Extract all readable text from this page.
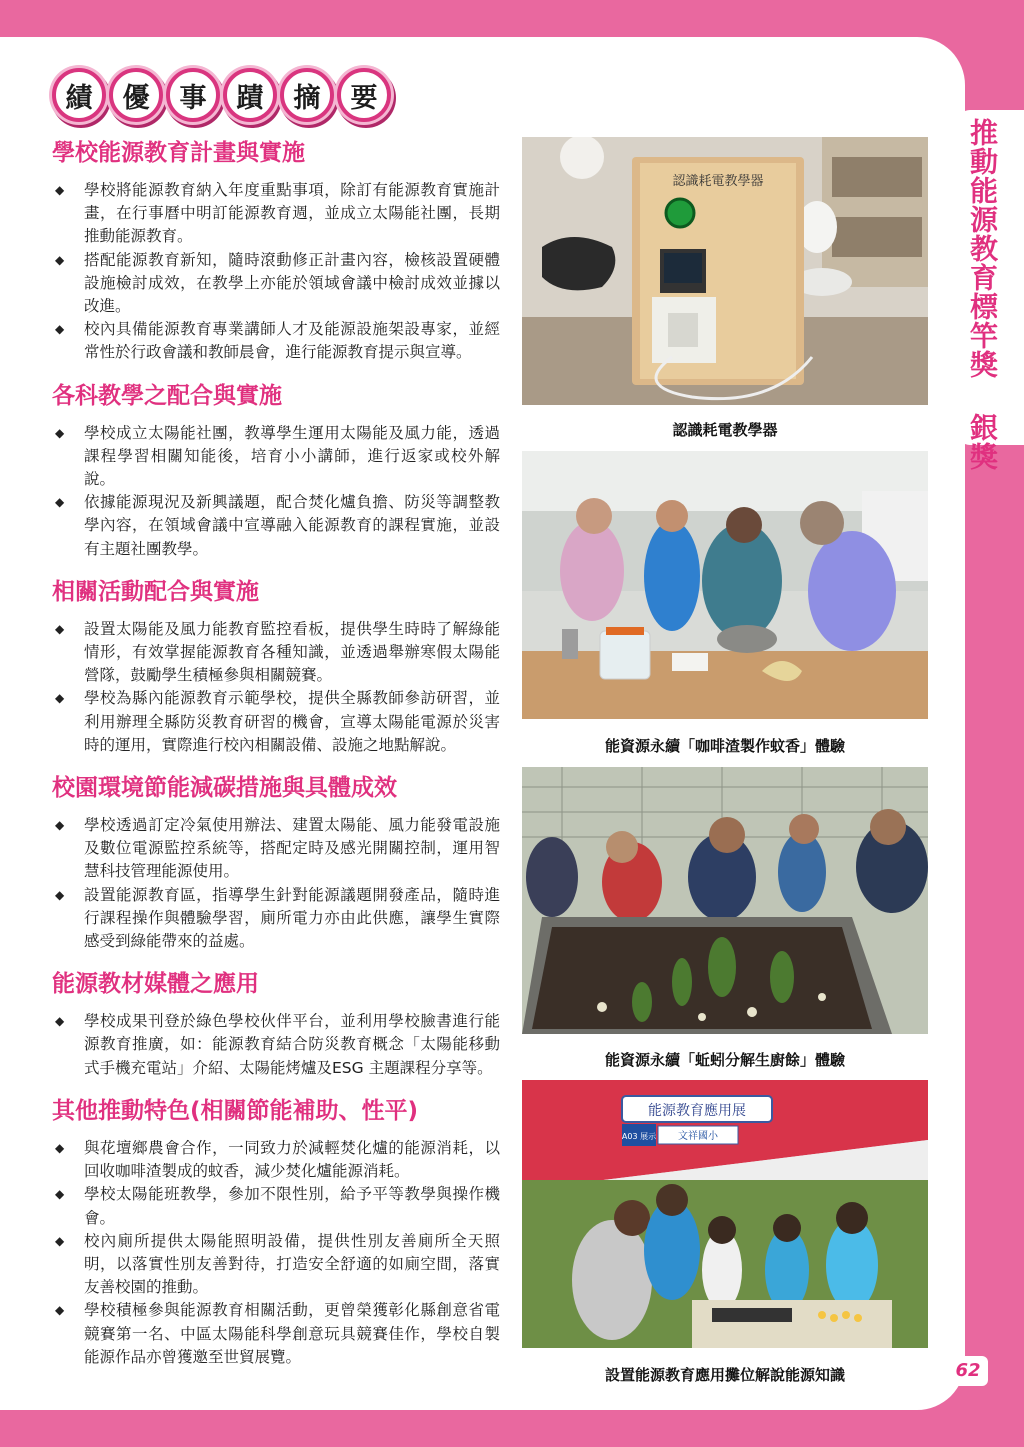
推動能源教育標竿獎 銀獎
62
績	優	事	蹟	摘	要
學校能源教育計畫與實施
◆ 學校將能源教育納入年度重點事項，除訂有能源教育實施計畫，在行事曆中明訂能源教育週，並成立太陽能社團，長期推動能源教育。
◆ 搭配能源教育新知，隨時滾動修正計畫內容，檢核設置硬體設施檢討成效，在教學上亦能於領域會議中檢討成效並據以改進。
◆ 校內具備能源教育專業講師人才及能源設施架設專家，並經常性於行政會議和教師晨會，進行能源教育提示與宣導。
各科教學之配合與實施
◆ 學校成立太陽能社團，教導學生運用太陽能及風力能，透過課程學習相關知能後，培育小小講師，進行返家或校外解說。
◆ 依據能源現況及新興議題，配合焚化爐負擔、防災等調整教學內容，在領域會議中宣導融入能源教育的課程實施，並設有主題社團教學。
相關活動配合與實施
◆ 設置太陽能及風力能教育監控看板，提供學生時時了解綠能情形，有效掌握能源教育各種知識，並透過舉辦寒假太陽能營隊，鼓勵學生積極參與相關競賽。
◆ 學校為縣內能源教育示範學校，提供全縣教師參訪研習，並利用辦理全縣防災教育研習的機會，宣導太陽能電源於災害時的運用，實際進行校內相關設備、設施之地點解說。
校園環境節能減碳措施與具體成效
◆ 學校透過訂定冷氣使用辦法、建置太陽能、風力能發電設施及數位電源監控系統等，搭配定時及感光開關控制，運用智慧科技管理能源使用。
◆ 設置能源教育區，指導學生針對能源議題開發產品，隨時進行課程操作與體驗學習，廁所電力亦由此供應，讓學生實際感受到綠能帶來的益處。
能源教材媒體之應用
◆ 學校成果刊登於綠色學校伙伴平台，並利用學校臉書進行能源教育推廣，如：能源教育結合防災教育概念「太陽能移動式手機充電站」介紹、太陽能烤爐及ESG 主題課程分享等。
其他推動特色(相關節能補助、性平)
◆ 與花壇鄉農會合作，一同致力於減輕焚化爐的能源消耗，以回收咖啡渣製成的蚊香，減少焚化爐能源消耗。
◆ 學校太陽能班教學，參加不限性別，給予平等教學與操作機會。
◆ 校內廁所提供太陽能照明設備，提供性別友善廁所全天照明，以落實性別友善對待，打造安全舒適的如廁空間，落實友善校園的推動。
◆ 學校積極參與能源教育相關活動，更曾榮獲彰化縣創意省電競賽第一名、中區太陽能科學創意玩具競賽佳作，學校自製能源作品亦曾獲邀至世貿展覽。
認識耗電教學器
認識耗電教學器
能資源永續「咖啡渣製作蚊香」體驗
能資源永續「蚯蚓分解生廚餘」體驗
能源教育應用展
A03 展示 文祥國小
設置能源教育應用攤位解說能源知識
